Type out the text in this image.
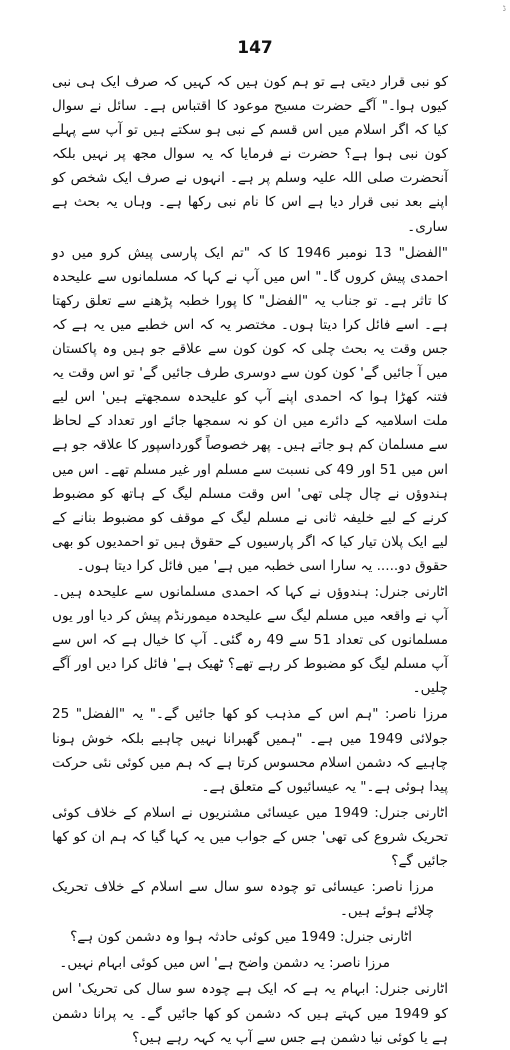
ڈ
147

کو نبی قرار دیتی ہے تو ہم کون ہیں کہ کہیں کہ صرف ایک ہی نبی کیوں ہوا۔" آگے حضرت مسیح موعود کا اقتباس ہے۔ سائل نے سوال کیا کہ اگر اسلام میں اس قسم کے نبی ہو سکتے ہیں تو آپ سے پہلے کون نبی ہوا ہے؟ حضرت نے فرمایا کہ یہ سوال مجھ پر نہیں بلکہ آنحضرت صلی اللہ علیہ وسلم پر ہے۔ انہوں نے صرف ایک شخص کو اپنے بعد نبی قرار دیا ہے اس کا نام نبی رکھا ہے۔ وہاں یہ بحث ہے ساری۔

"الفضل" 13 نومبر 1946 کا کہ "تم ایک پارسی پیش کرو میں دو احمدی پیش کروں گا۔" اس میں آپ نے کہا کہ مسلمانوں سے علیحدہ کا تاثر ہے۔ تو جناب یہ "الفضل" کا پورا خطبہ پڑھنے سے تعلق رکھتا ہے۔ اسے فائل کرا دیتا ہوں۔ مختصر یہ کہ اس خطبے میں یہ ہے کہ جس وقت یہ بحث چلی کہ کون کون سے علاقے جو ہیں وہ پاکستان میں آ جائیں گے' کون کون سے دوسری طرف جائیں گے' تو اس وقت یہ فتنہ کھڑا ہوا کہ احمدی اپنے آپ کو علیحدہ سمجھتے ہیں' اس لیے ملت اسلامیہ کے دائرے میں ان کو نہ سمجھا جائے اور تعداد کے لحاظ سے مسلمان کم ہو جاتے ہیں۔ پھر خصوصاً گورداسپور کا علاقہ جو ہے اس میں 51 اور 49 کی نسبت سے مسلم اور غیر مسلم تھے۔ اس میں ہندوؤں نے چال چلی تھی' اس وقت مسلم لیگ کے ہاتھ کو مضبوط کرنے کے لیے خلیفہ ثانی نے مسلم لیگ کے موقف کو مضبوط بنانے کے لیے ایک پلان تیار کیا کہ اگر پارسیوں کے حقوق ہیں تو احمدیوں کو بھی حقوق دو..... یہ سارا اسی خطبہ میں ہے' میں فائل کرا دیتا ہوں۔

اٹارنی جنرل: ہندوؤں نے کہا کہ احمدی مسلمانوں سے علیحدہ ہیں۔ آپ نے واقعہ میں مسلم لیگ سے علیحدہ میمورنڈم پیش کر دیا اور یوں مسلمانوں کی تعداد 51 سے 49 رہ گئی۔ آپ کا خیال ہے کہ اس سے آپ مسلم لیگ کو مضبوط کر رہے تھے؟ ٹھیک ہے' فائل کرا دیں اور آگے چلیں۔

مرزا ناصر: "ہم اس کے مذہب کو کھا جائیں گے۔" یہ "الفضل" 25 جولائی 1949 میں ہے۔ "ہمیں گھبرانا نہیں چاہیے بلکہ خوش ہونا چاہیے کہ دشمن اسلام محسوس کرتا ہے کہ ہم میں کوئی نئی حرکت پیدا ہوئی ہے۔" یہ عیسائیوں کے متعلق ہے۔

اٹارنی جنرل: 1949 میں عیسائی مشنریوں نے اسلام کے خلاف کوئی تحریک شروع کی تھی' جس کے جواب میں یہ کہا گیا کہ ہم ان کو کھا جائیں گے؟

مرزا ناصر: عیسائی تو چودہ سو سال سے اسلام کے خلاف تحریک چلائے ہوئے ہیں۔

اٹارنی جنرل: 1949 میں کوئی حادثہ ہوا وہ دشمن کون ہے؟

مرزا ناصر: یہ دشمن واضح ہے' اس میں کوئی ابہام نہیں۔

اٹارنی جنرل: ابہام یہ ہے کہ ایک ہے چودہ سو سال کی تحریک' اس کو 1949 میں کہتے ہیں کہ دشمن کو کھا جائیں گے۔ یہ پرانا دشمن ہے یا کوئی نیا دشمن ہے جس سے آپ یہ کہہ رہے ہیں؟
